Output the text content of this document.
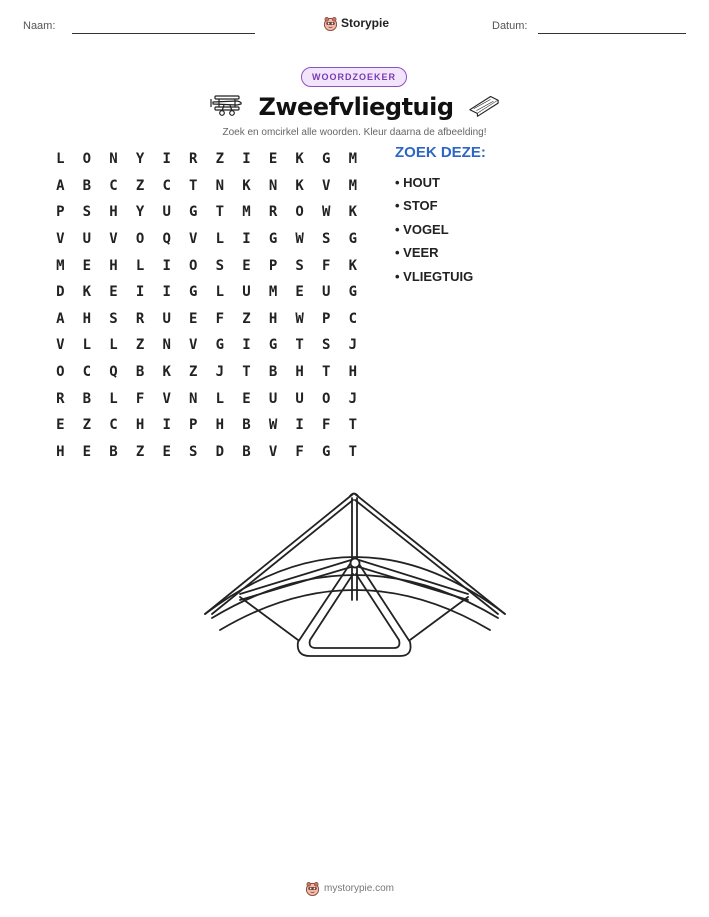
Naam:	Storypie	Datum:
WOORDZOEKER
Zweefvliegtuig
Zoek en omcirkel alle woorden. Kleur daarna de afbeelding!
L	O	N	Y	I	R	Z	I	E	K	G	M
A	B	C	Z	C	T	N	K	N	K	V	M
P	S	H	Y	U	G	T	M	R	O	W	K
V	U	V	O	Q	V	L	I	G	W	S	G
M	E	H	L	I	O	S	E	P	S	F	K
D	K	E	I	I	G	L	U	M	E	U	G
A	H	S	R	U	E	F	Z	H	W	P	C
V	L	L	Z	N	V	G	I	G	T	S	J
O	C	Q	B	K	Z	J	T	B	H	T	H
R	B	L	F	V	N	L	E	U	U	O	J
E	Z	C	H	I	P	H	B	W	I	F	T
H	E	B	Z	E	S	D	B	V	F	G	T
ZOEK DEZE:
• HOUT
• STOF
• VOGEL
• VEER
• VLIEGTUIG
mystorypie.com
